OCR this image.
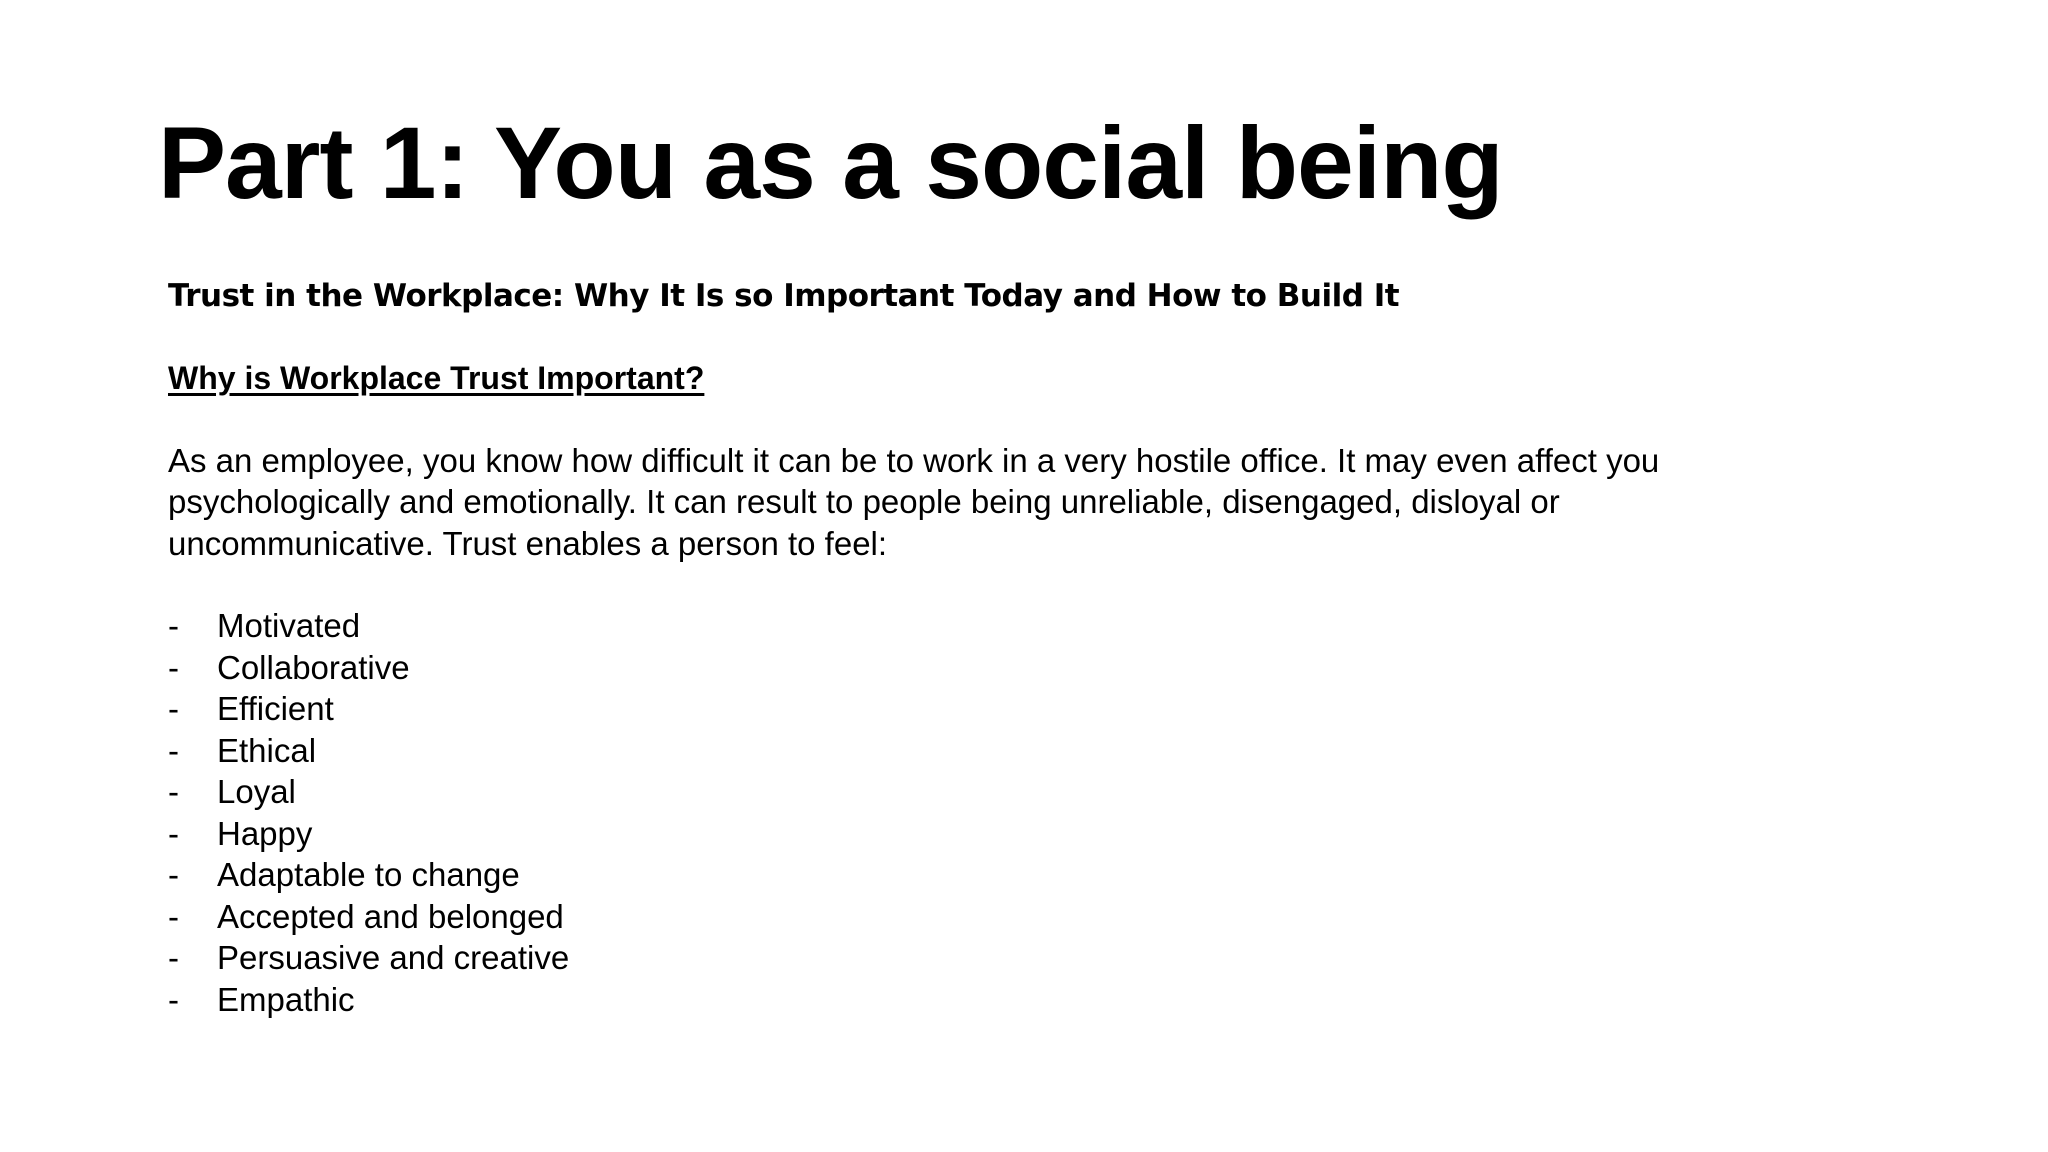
Part 1: You as a social being
Trust in the Workplace: Why It Is so Important Today and How to Build It
Why is Workplace Trust Important?

As an employee, you know how difficult it can be to work in a very hostile office. It may even affect you psychologically and emotionally. It can result to people being unreliable, disengaged, disloyal or uncommunicative. Trust enables a person to feel:

-	Motivated
-	Collaborative
-	Efficient
-	Ethical
-	Loyal
-	Happy
-	Adaptable to change
-	Accepted and belonged
-	Persuasive and creative
-	Empathic
